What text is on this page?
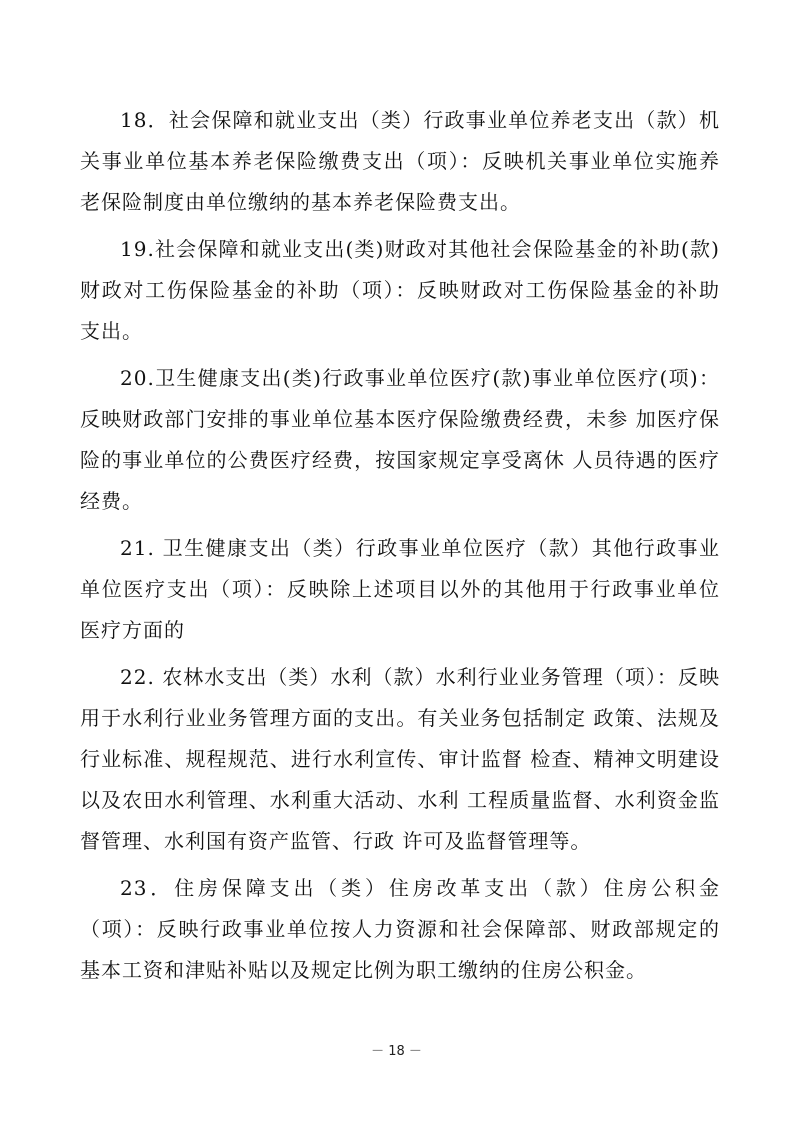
18．社会保障和就业支出（类）行政事业单位养老支出（款）机关事业单位基本养老保险缴费支出（项）：反映机关事业单位实施养老保险制度由单位缴纳的基本养老保险费支出。

19.社会保障和就业支出(类)财政对其他社会保险基金的补助(款)财政对工伤保险基金的补助（项）：反映财政对工伤保险基金的补助支出。

20.卫生健康支出(类)行政事业单位医疗(款)事业单位医疗(项)：反映财政部门安排的事业单位基本医疗保险缴费经费，未参 加医疗保险的事业单位的公费医疗经费，按国家规定享受离休 人员待遇的医疗经费。

21. 卫生健康支出（类）行政事业单位医疗（款）其他行政事业单位医疗支出（项）：反映除上述项目以外的其他用于行政事业单位医疗方面的

22. 农林水支出（类）水利（款）水利行业业务管理（项）：反映用于水利行业业务管理方面的支出。有关业务包括制定 政策、法规及行业标准、规程规范、进行水利宣传、审计监督 检查、精神文明建设以及农田水利管理、水利重大活动、水利 工程质量监督、水利资金监督管理、水利国有资产监管、行政 许可及监督管理等。

23．住房保障支出（类）住房改革支出（款）住房公积金（项）：反映行政事业单位按人力资源和社会保障部、财政部规定的 基本工资和津贴补贴以及规定比例为职工缴纳的住房公积金。

－ 18 －
